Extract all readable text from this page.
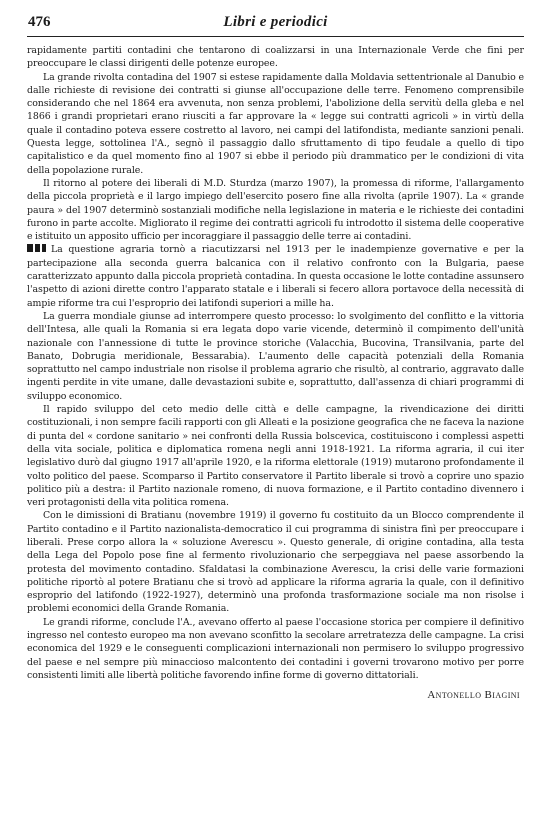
476	Libri e periodici

rapidamente partiti contadini che tentarono di coalizzarsi in una Internazionale Verde che fini per preoccupare le classi dirigenti delle potenze europee.

La grande rivolta contadina del 1907 si estese rapidamente dalla Moldavia settentrionale al Danubio e dalle richieste di revisione dei contratti si giunse all'occupazione delle terre. Fenomeno comprensibile considerando che nel 1864 era avvenuta, non senza problemi, l'abolizione della servitù della gleba e nel 1866 i grandi proprietari erano riusciti a far approvare la « legge sui contratti agricoli » in virtù della quale il contadino poteva essere costretto al lavoro, nei campi del latifondista, mediante sanzioni penali. Questa legge, sottolinea l'A., segnò il passaggio dallo sfruttamento di tipo feudale a quello di tipo capitalistico e da quel momento fino al 1907 si ebbe il periodo più drammatico per le condizioni di vita della popolazione rurale.

Il ritorno al potere dei liberali di M.D. Sturdza (marzo 1907), la promessa di riforme, l'allargamento della piccola proprietà e il largo impiego dell'esercito posero fine alla rivolta (aprile 1907). La « grande paura » del 1907 determinò sostanziali modifiche nella legislazione in materia e le richieste dei contadini furono in parte accolte. Migliorato il regime dei contratti agricoli fu introdotto il sistema delle cooperative e istituito un apposito ufficio per incoraggiare il passaggio delle terre ai contadini.

La questione agraria tornò a riacutizzarsi nel 1913 per le inadempienze governative e per la partecipazione alla seconda guerra balcanica con il relativo confronto con la Bulgaria, paese caratterizzato appunto dalla piccola proprietà contadina. In questa occasione le lotte contadine assunsero l'aspetto di azioni dirette contro l'apparato statale e i liberali si fecero allora portavoce della necessità di ampie riforme tra cui l'esproprio dei latifondi superiori a mille ha.

La guerra mondiale giunse ad interrompere questo processo: lo svolgimento del conflitto e la vittoria dell'Intesa, alle quali la Romania si era legata dopo varie vicende, determinò il compimento dell'unità nazionale con l'annessione di tutte le province storiche (Valacchia, Bucovina, Transilvania, parte del Banato, Dobrugia meridionale, Bessarabia). L'aumento delle capacità potenziali della Romania soprattutto nel campo industriale non risolse il problema agrario che risultò, al contrario, aggravato dalle ingenti perdite in vite umane, dalle devastazioni subite e, soprattutto, dall'assenza di chiari programmi di sviluppo economico.

Il rapido sviluppo del ceto medio delle città e delle campagne, la rivendicazione dei diritti costituzionali, i non sempre facili rapporti con gli Alleati e la posizione geografica che ne faceva la nazione di punta del « cordone sanitario » nei confronti della Russia bolscevica, costituiscono i complessi aspetti della vita sociale, politica e diplomatica romena negli anni 1918-1921. La riforma agraria, il cui iter legislativo durò dal giugno 1917 all'aprile 1920, e la riforma elettorale (1919) mutarono profondamente il volto politico del paese. Scomparso il Partito conservatore il Partito liberale si trovò a coprire uno spazio politico più a destra: il Partito nazionale romeno, di nuova formazione, e il Partito contadino divennero i veri protagonisti della vita politica romena.

Con le dimissioni di Bratianu (novembre 1919) il governo fu costituito da un Blocco comprendente il Partito contadino e il Partito nazionalista-democratico il cui programma di sinistra finì per preoccupare i liberali. Prese corpo allora la « soluzione Averescu ». Questo generale, di origine contadina, alla testa della Lega del Popolo pose fine al fermento rivoluzionario che serpeggiava nel paese assorbendo la protesta del movimento contadino. Sfaldatasi la combinazione Averescu, la crisi delle varie formazioni politiche riportò al potere Bratianu che si trovò ad applicare la riforma agraria la quale, con il definitivo esproprio del latifondo (1922-1927), determinò una profonda trasformazione sociale ma non risolse i problemi economici della Grande Romania.

Le grandi riforme, conclude l'A., avevano offerto al paese l'occasione storica per compiere il definitivo ingresso nel contesto europeo ma non avevano sconfitto la secolare arretratezza delle campagne. La crisi economica del 1929 e le conseguenti complicazioni internazionali non permisero lo sviluppo progressivo del paese e nel sempre più minaccioso malcontento dei contadini i governi trovarono motivo per porre consistenti limiti alle libertà politiche favorendo infine forme di governo dittatoriali.

Antonello Biagini
